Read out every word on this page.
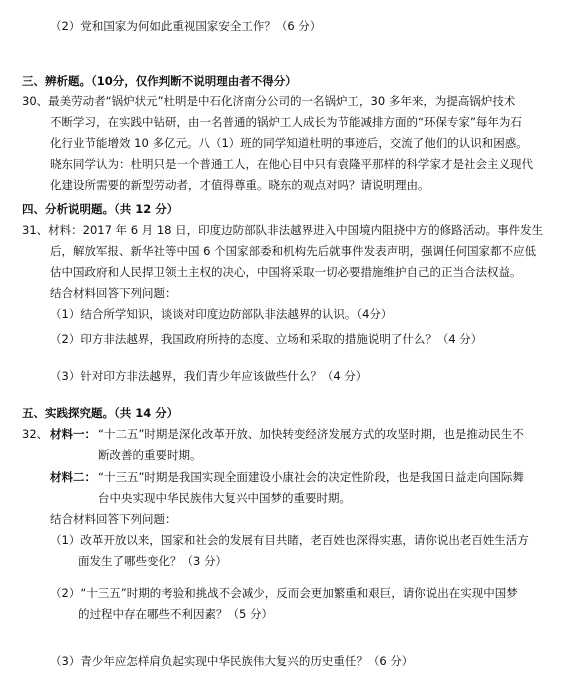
（2）党和国家为何如此重视国家安全工作？（6 分）
三、辨析题。（10分，仅作判断不说明理由者不得分）
30、最美劳动者“锅炉状元”杜明是中石化济南分公司的一名锅炉工，30 多年来，为提高锅炉技术
不断学习，在实践中钻研，由一名普通的锅炉工人成长为节能减排方面的“环保专家”每年为石
化行业节能增效 10 多亿元。八（1）班的同学知道杜明的事迹后，交流了他们的认识和困惑。
晓东同学认为：杜明只是一个普通工人，在他心目中只有袁隆平那样的科学家才是社会主义现代
化建设所需要的新型劳动者，才值得尊重。晓东的观点对吗？请说明理由。
四、分析说明题。（共 12 分）
31、材料：2017 年 6 月 18 日，印度边防部队非法越界进入中国境内阻挠中方的修路活动。事件发生
后，解放军报、新华社等中国 6 个国家部委和机构先后就事件发表声明，强调任何国家都不应低
估中国政府和人民捍卫领土主权的决心，中国将采取一切必要措施维护自己的正当合法权益。
结合材料回答下列问题：
（1）结合所学知识，谈谈对印度边防部队非法越界的认识。（4分）
（2）印方非法越界，我国政府所持的态度、立场和采取的措施说明了什么？（4 分）
（3）针对印方非法越界，我们青少年应该做些什么？（4 分）
五、实践探究题。（共 14 分）
32、 材料一： “十二五”时期是深化改革开放、加快转变经济发展方式的攻坚时期，也是推动民生不
断改善的重要时期。
材料二： “十三五”时期是我国实现全面建设小康社会的决定性阶段，也是我国日益走向国际舞
台中央实现中华民族伟大复兴中国梦的重要时期。
结合材料回答下列问题：
（1）改革开放以来，国家和社会的发展有目共睹，老百姓也深得实惠，请你说出老百姓生活方
面发生了哪些变化？（3 分）
（2）“十三五”时期的考验和挑战不会减少，反而会更加繁重和艰巨，请你说出在实现中国梦
的过程中存在哪些不利因素？（5 分）
（3）青少年应怎样肩负起实现中华民族伟大复兴的历史重任？（6 分）
